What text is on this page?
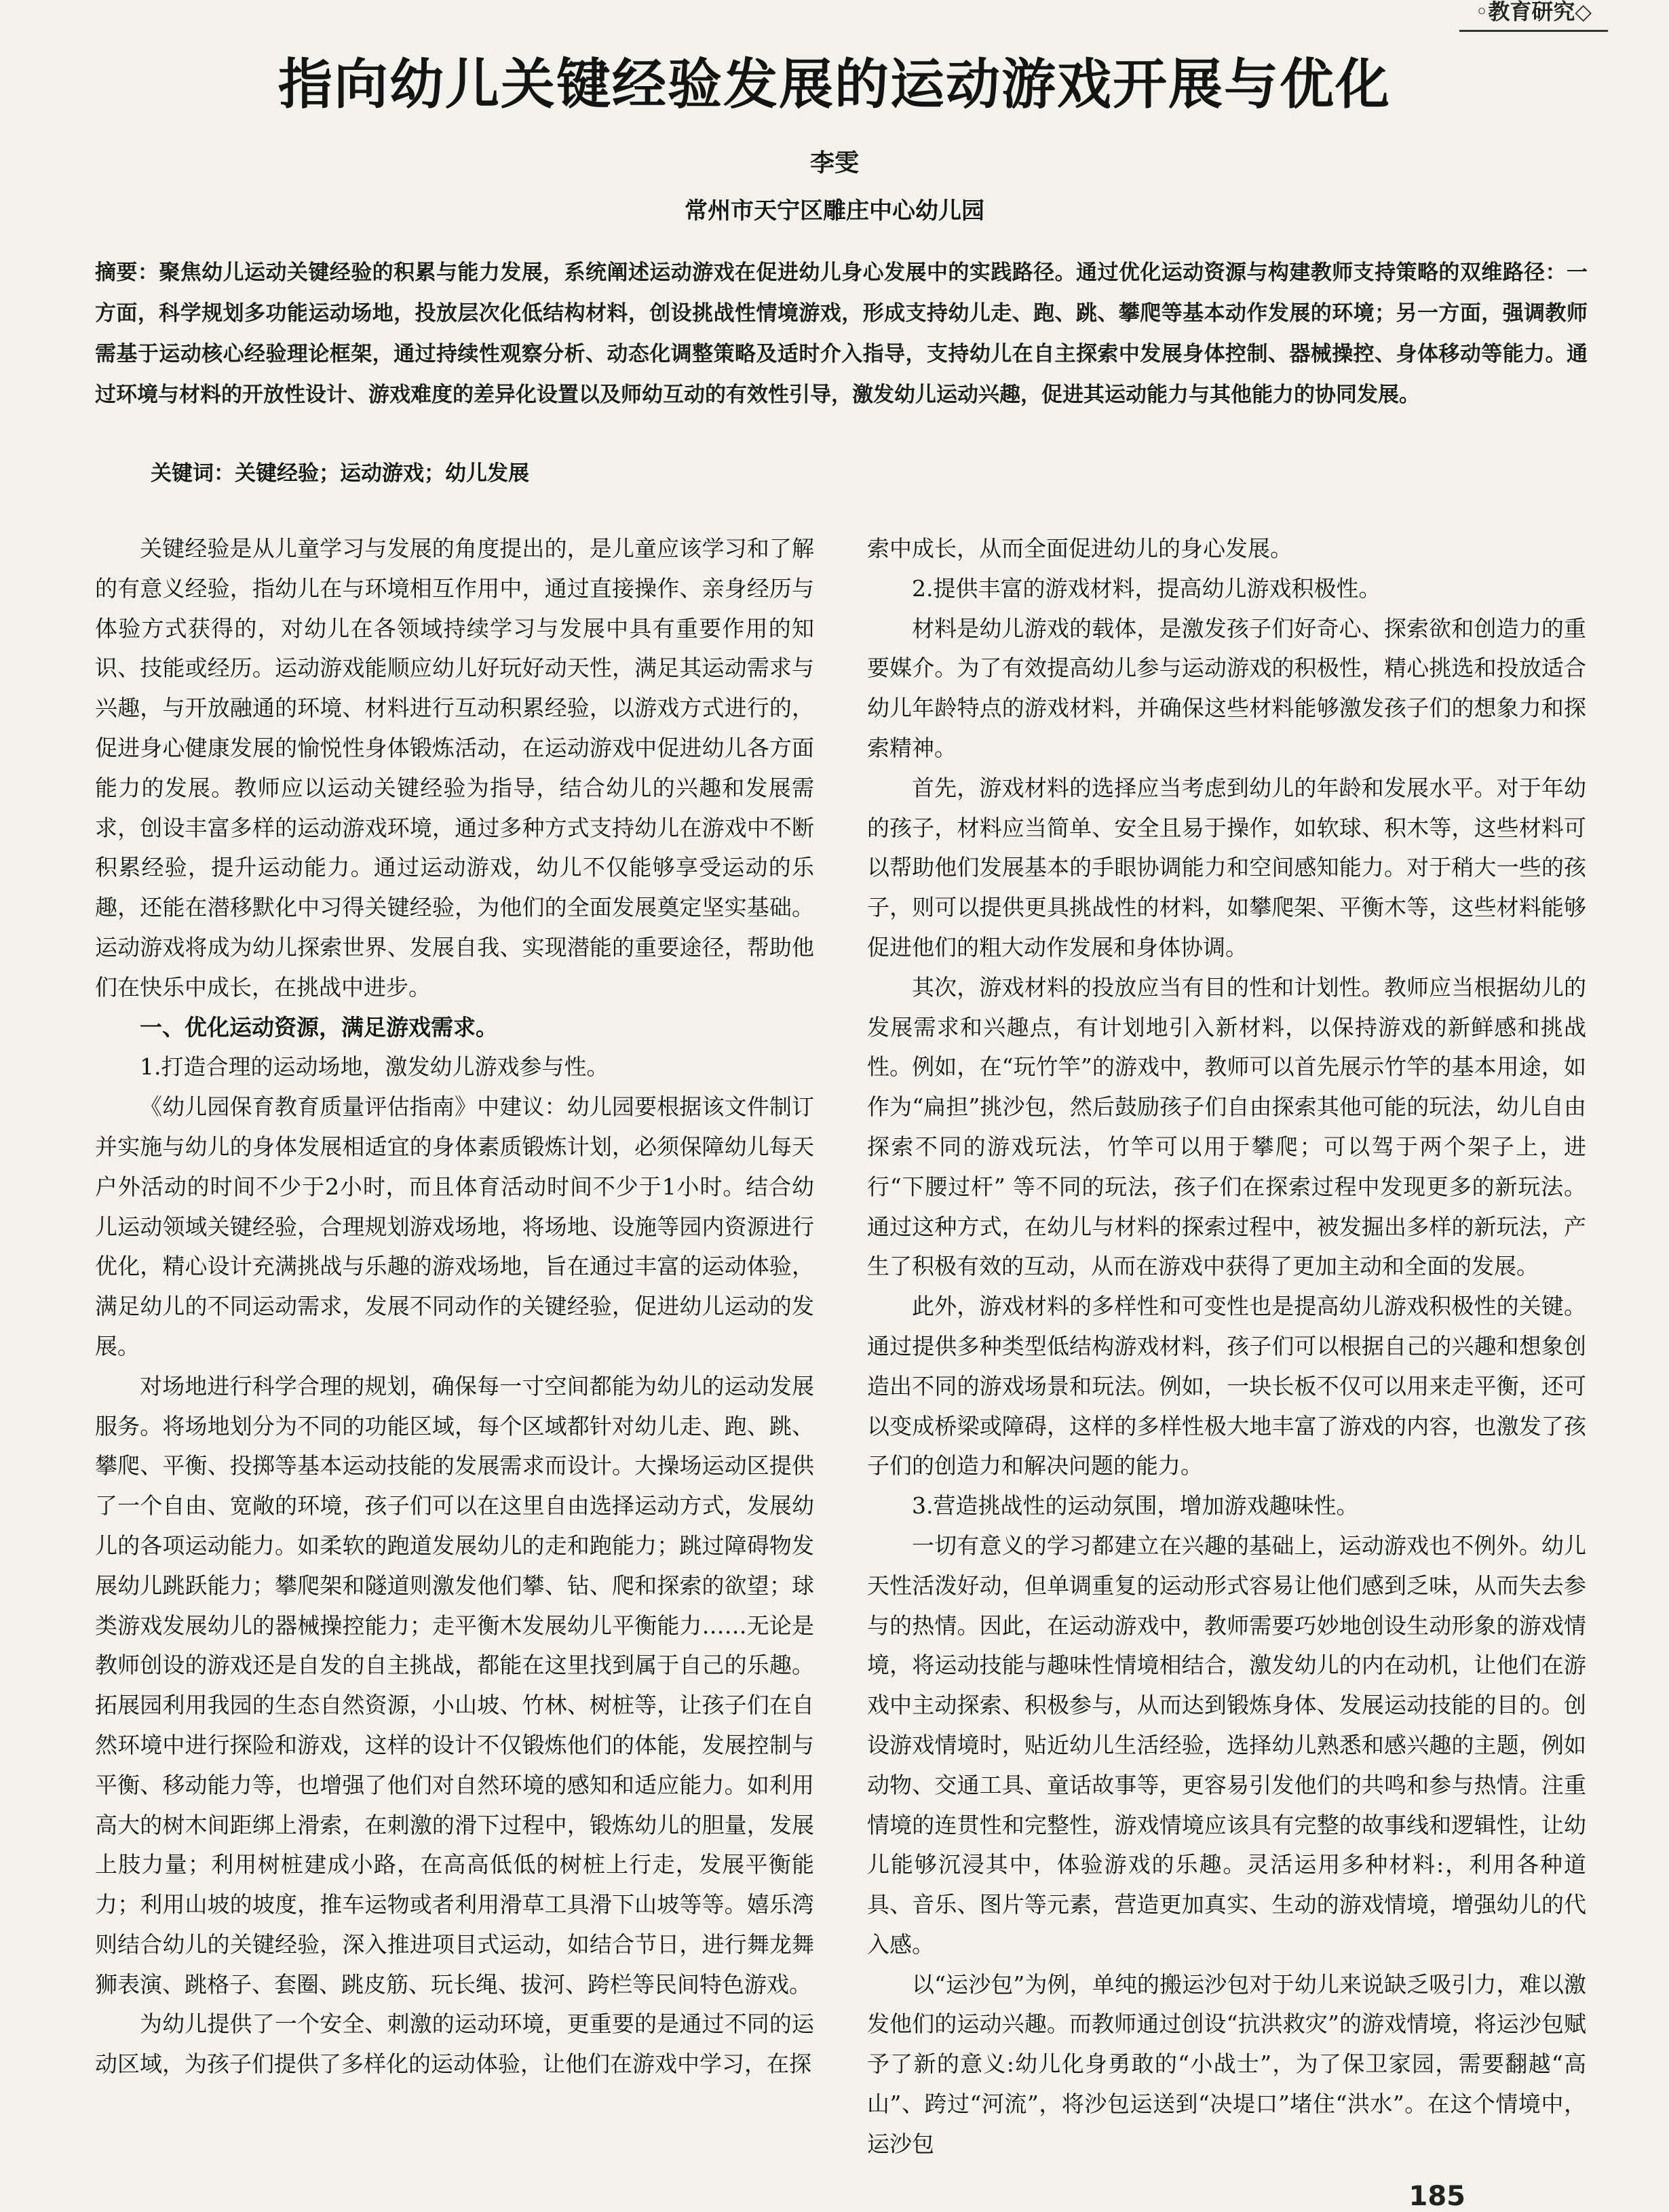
◦教育研究◇
指向幼儿关键经验发展的运动游戏开展与优化
李雯
常州市天宁区雕庄中心幼儿园
摘要：聚焦幼儿运动关键经验的积累与能力发展，系统阐述运动游戏在促进幼儿身心发展中的实践路径。通过优化运动资源与构建教师支持策略的双维路径：一方面，科学规划多功能运动场地，投放层次化低结构材料，创设挑战性情境游戏，形成支持幼儿走、跑、跳、攀爬等基本动作发展的环境；另一方面，强调教师需基于运动核心经验理论框架，通过持续性观察分析、动态化调整策略及适时介入指导，支持幼儿在自主探索中发展身体控制、器械操控、身体移动等能力。通过环境与材料的开放性设计、游戏难度的差异化设置以及师幼互动的有效性引导，激发幼儿运动兴趣，促进其运动能力与其他能力的协同发展。
关键词：关键经验；运动游戏；幼儿发展

关键经验是从儿童学习与发展的角度提出的，是儿童应该学习和了解的有意义经验，指幼儿在与环境相互作用中，通过直接操作、亲身经历与体验方式获得的，对幼儿在各领域持续学习与发展中具有重要作用的知识、技能或经历。运动游戏能顺应幼儿好玩好动天性，满足其运动需求与兴趣，与开放融通的环境、材料进行互动积累经验，以游戏方式进行的，促进身心健康发展的愉悦性身体锻炼活动，在运动游戏中促进幼儿各方面能力的发展。教师应以运动关键经验为指导，结合幼儿的兴趣和发展需求，创设丰富多样的运动游戏环境，通过多种方式支持幼儿在游戏中不断积累经验，提升运动能力。通过运动游戏，幼儿不仅能够享受运动的乐趣，还能在潜移默化中习得关键经验，为他们的全面发展奠定坚实基础。运动游戏将成为幼儿探索世界、发展自我、实现潜能的重要途径，帮助他们在快乐中成长，在挑战中进步。

一、优化运动资源，满足游戏需求。

1.打造合理的运动场地，激发幼儿游戏参与性。

《幼儿园保育教育质量评估指南》中建议：幼儿园要根据该文件制订并实施与幼儿的身体发展相适宜的身体素质锻炼计划，必须保障幼儿每天户外活动的时间不少于2小时，而且体育活动时间不少于1小时。结合幼儿运动领域关键经验，合理规划游戏场地，将场地、设施等园内资源进行优化，精心设计充满挑战与乐趣的游戏场地，旨在通过丰富的运动体验，满足幼儿的不同运动需求，发展不同动作的关键经验，促进幼儿运动的发展。

对场地进行科学合理的规划，确保每一寸空间都能为幼儿的运动发展服务。将场地划分为不同的功能区域，每个区域都针对幼儿走、跑、跳、攀爬、平衡、投掷等基本运动技能的发展需求而设计。大操场运动区提供了一个自由、宽敞的环境，孩子们可以在这里自由选择运动方式，发展幼儿的各项运动能力。如柔软的跑道发展幼儿的走和跑能力；跳过障碍物发展幼儿跳跃能力；攀爬架和隧道则激发他们攀、钻、爬和探索的欲望；球类游戏发展幼儿的器械操控能力；走平衡木发展幼儿平衡能力……无论是教师创设的游戏还是自发的自主挑战，都能在这里找到属于自己的乐趣。拓展园利用我园的生态自然资源，小山坡、竹林、树桩等，让孩子们在自然环境中进行探险和游戏，这样的设计不仅锻炼他们的体能，发展控制与平衡、移动能力等，也增强了他们对自然环境的感知和适应能力。如利用高大的树木间距绑上滑索，在刺激的滑下过程中，锻炼幼儿的胆量，发展上肢力量；利用树桩建成小路，在高高低低的树桩上行走，发展平衡能力；利用山坡的坡度，推车运物或者利用滑草工具滑下山坡等等。嬉乐湾则结合幼儿的关键经验，深入推进项目式运动，如结合节日，进行舞龙舞狮表演、跳格子、套圈、跳皮筋、玩长绳、拔河、跨栏等民间特色游戏。

为幼儿提供了一个安全、刺激的运动环境，更重要的是通过不同的运动区域，为孩子们提供了多样化的运动体验，让他们在游戏中学习，在探

索中成长，从而全面促进幼儿的身心发展。

2.提供丰富的游戏材料，提高幼儿游戏积极性。

材料是幼儿游戏的载体，是激发孩子们好奇心、探索欲和创造力的重要媒介。为了有效提高幼儿参与运动游戏的积极性，精心挑选和投放适合幼儿年龄特点的游戏材料，并确保这些材料能够激发孩子们的想象力和探索精神。

首先，游戏材料的选择应当考虑到幼儿的年龄和发展水平。对于年幼的孩子，材料应当简单、安全且易于操作，如软球、积木等，这些材料可以帮助他们发展基本的手眼协调能力和空间感知能力。对于稍大一些的孩子，则可以提供更具挑战性的材料，如攀爬架、平衡木等，这些材料能够促进他们的粗大动作发展和身体协调。

其次，游戏材料的投放应当有目的性和计划性。教师应当根据幼儿的发展需求和兴趣点，有计划地引入新材料，以保持游戏的新鲜感和挑战性。例如，在“玩竹竿”的游戏中，教师可以首先展示竹竿的基本用途，如作为“扁担”挑沙包，然后鼓励孩子们自由探索其他可能的玩法，幼儿自由探索不同的游戏玩法，竹竿可以用于攀爬；可以驾于两个架子上，进行“下腰过杆” 等不同的玩法，孩子们在探索过程中发现更多的新玩法。通过这种方式，在幼儿与材料的探索过程中，被发掘出多样的新玩法，产生了积极有效的互动，从而在游戏中获得了更加主动和全面的发展。

此外，游戏材料的多样性和可变性也是提高幼儿游戏积极性的关键。通过提供多种类型低结构游戏材料，孩子们可以根据自己的兴趣和想象创造出不同的游戏场景和玩法。例如，一块长板不仅可以用来走平衡，还可以变成桥梁或障碍，这样的多样性极大地丰富了游戏的内容，也激发了孩子们的创造力和解决问题的能力。

3.营造挑战性的运动氛围，增加游戏趣味性。

一切有意义的学习都建立在兴趣的基础上，运动游戏也不例外。幼儿天性活泼好动，但单调重复的运动形式容易让他们感到乏味，从而失去参与的热情。因此，在运动游戏中，教师需要巧妙地创设生动形象的游戏情境，将运动技能与趣味性情境相结合，激发幼儿的内在动机，让他们在游戏中主动探索、积极参与，从而达到锻炼身体、发展运动技能的目的。创设游戏情境时，贴近幼儿生活经验，选择幼儿熟悉和感兴趣的主题，例如动物、交通工具、童话故事等，更容易引发他们的共鸣和参与热情。注重情境的连贯性和完整性，游戏情境应该具有完整的故事线和逻辑性，让幼儿能够沉浸其中，体验游戏的乐趣。灵活运用多种材料:，利用各种道具、音乐、图片等元素，营造更加真实、生动的游戏情境，增强幼儿的代入感。

以“运沙包”为例，单纯的搬运沙包对于幼儿来说缺乏吸引力，难以激发他们的运动兴趣。而教师通过创设“抗洪救灾”的游戏情境，将运沙包赋予了新的意义:幼儿化身勇敢的“小战士”，为了保卫家园，需要翻越“高山”、跨过“河流”，将沙包运送到“决堤口”堵住“洪水”。在这个情境中，运沙包

185
